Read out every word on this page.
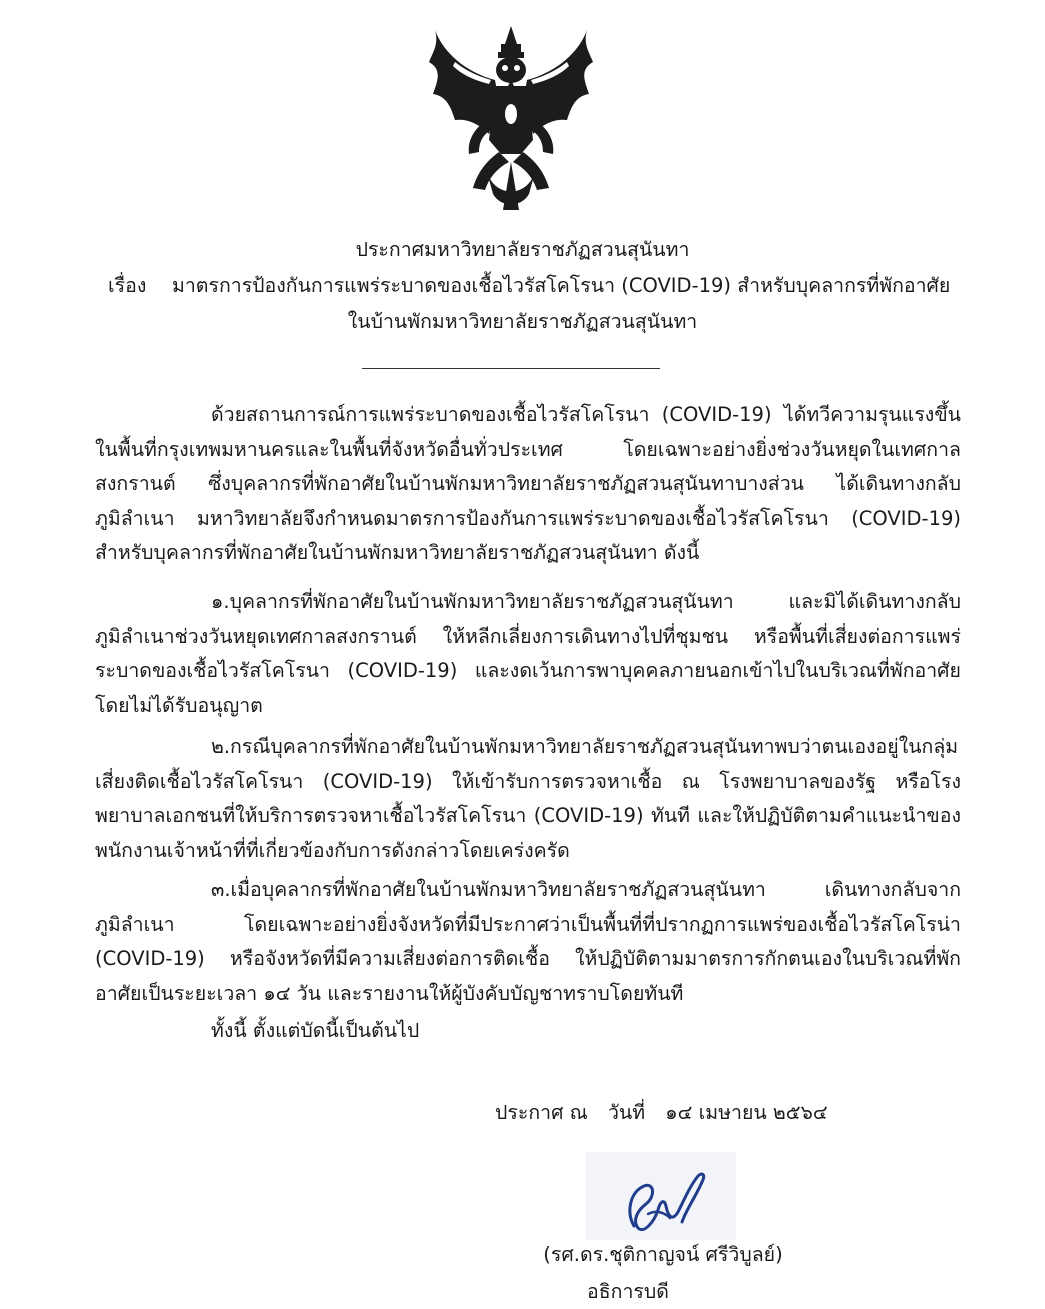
ประกาศมหาวิทยาลัยราชภัฏสวนสุนันทา
เรื่อง มาตรการป้องกันการแพร่ระบาดของเชื้อไวรัสโคโรนา (COVID-19) สำหรับบุคลากรที่พักอาศัย
ในบ้านพักมหาวิทยาลัยราชภัฏสวนสุนันทา

ด้วยสถานการณ์การแพร่ระบาดของเชื้อไวรัสโคโรนา (COVID-19) ได้ทวีความรุนแรงขึ้นในพื้นที่กรุงเทพมหานครและในพื้นที่จังหวัดอื่นทั่วประเทศ โดยเฉพาะอย่างยิ่งช่วงวันหยุดในเทศกาลสงกรานต์ ซึ่งบุคลากรที่พักอาศัยในบ้านพักมหาวิทยาลัยราชภัฏสวนสุนันทาบางส่วน ได้เดินทางกลับภูมิลำเนา มหาวิทยาลัยจึงกำหนดมาตรการป้องกันการแพร่ระบาดของเชื้อไวรัสโคโรนา (COVID-19) สำหรับบุคลากรที่พักอาศัยในบ้านพักมหาวิทยาลัยราชภัฏสวนสุนันทา ดังนี้

๑.บุคลากรที่พักอาศัยในบ้านพักมหาวิทยาลัยราชภัฏสวนสุนันทา และมิได้เดินทางกลับภูมิลำเนาช่วงวันหยุดเทศกาลสงกรานต์ ให้หลีกเลี่ยงการเดินทางไปที่ชุมชน หรือพื้นที่เสี่ยงต่อการแพร่ระบาดของเชื้อไวรัสโคโรนา (COVID-19) และงดเว้นการพาบุคคลภายนอกเข้าไปในบริเวณที่พักอาศัยโดยไม่ได้รับอนุญาต

๒.กรณีบุคลากรที่พักอาศัยในบ้านพักมหาวิทยาลัยราชภัฏสวนสุนันทาพบว่าตนเองอยู่ในกลุ่มเสี่ยงติดเชื้อไวรัสโคโรนา (COVID-19) ให้เข้ารับการตรวจหาเชื้อ ณ โรงพยาบาลของรัฐ หรือโรงพยาบาลเอกชนที่ให้บริการตรวจหาเชื้อไวรัสโคโรนา (COVID-19) ทันที และให้ปฏิบัติตามคำแนะนำของพนักงานเจ้าหน้าที่ที่เกี่ยวข้องกับการดังกล่าวโดยเคร่งครัด

๓.เมื่อบุคลากรที่พักอาศัยในบ้านพักมหาวิทยาลัยราชภัฏสวนสุนันทา เดินทางกลับจากภูมิลำเนา โดยเฉพาะอย่างยิ่งจังหวัดที่มีประกาศว่าเป็นพื้นที่ที่ปรากฏการแพร่ของเชื้อไวรัสโคโรน่า (COVID-19) หรือจังหวัดที่มีความเสี่ยงต่อการติดเชื้อ ให้ปฏิบัติตามมาตรการกักตนเองในบริเวณที่พักอาศัยเป็นระยะเวลา ๑๔ วัน และรายงานให้ผู้บังคับบัญชาทราบโดยทันที

ทั้งนี้ ตั้งแต่บัดนี้เป็นต้นไป
ประกาศ ณ วันที่ ๑๔ เมษายน ๒๕๖๔
(รศ.ดร.ชุติกาญจน์ ศรีวิบูลย์)
อธิการบดี
